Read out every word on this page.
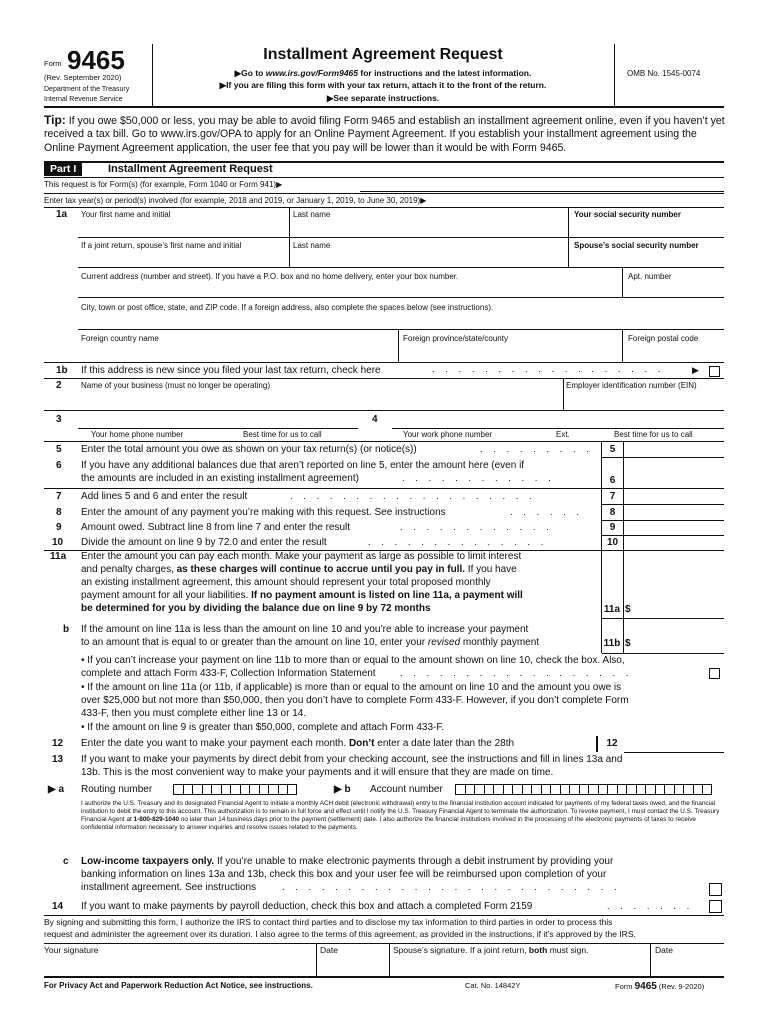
Form 9465
(Rev. September 2020)
Department of the Treasury
Internal Revenue Service
Installment Agreement Request
▶Go to www.irs.gov/Form9465 for instructions and the latest information.
▶If you are filing this form with your tax return, attach it to the front of the return.
▶See separate instructions.
OMB No. 1545-0074
Tip: If you owe $50,000 or less, you may be able to avoid filing Form 9465 and establish an installment agreement online, even if you haven’t yet received a tax bill. Go to www.irs.gov/OPA to apply for an Online Payment Agreement. If you establish your installment agreement using the Online Payment Agreement application, the user fee that you pay will be lower than it would be with Form 9465.
Part I	Installment Agreement Request
This request is for Form(s) (for example, Form 1040 or Form 941)▶
Enter tax year(s) or period(s) involved (for example, 2018 and 2019, or January 1, 2019, to June 30, 2019)▶
1a Your first name and initial	Last name	Your social security number
If a joint return, spouse’s first name and initial	Last name	Spouse’s social security number
Current address (number and street). If you have a P.O. box and no home delivery, enter your box number.	Apt. number
City, town or post office, state, and ZIP code. If a foreign address, also complete the spaces below (see instructions).
Foreign country name	Foreign province/state/county	Foreign postal code
1b If this address is new since you filed your last tax return, check here	. . . . . . . . . . . . . . . . . .	▶
2 Name of your business (must no longer be operating)	Employer identification number (EIN)
3	4
Your home phone number	Best time for us to call	Your work phone number	Ext.	Best time for us to call
5 Enter the total amount you owe as shown on your tax return(s) (or notice(s))	. . . . . . . . .	5
6 If you have any additional balances due that aren’t reported on line 5, enter the amount here (even if
the amounts are included in an existing installment agreement)	. . . . . . . . . . . .	6
7 Add lines 5 and 6 and enter the result	. . . . . . . . . . . . . . . . . . .	7
8 Enter the amount of any payment you’re making with this request. See instructions	. . . . . .	8
9 Amount owed. Subtract line 8 from line 7 and enter the result	. . . . . . . . . . . .	9
10 Divide the amount on line 9 by 72.0 and enter the result	. . . . . . . . . . . . . .	10
11a Enter the amount you can pay each month. Make your payment as large as possible to limit interest
and penalty charges, as these charges will continue to accrue until you pay in full. If you have
an existing installment agreement, this amount should represent your total proposed monthly
payment amount for all your liabilities. If no payment amount is listed on line 11a, a payment will
be determined for you by dividing the balance due on line 9 by 72 months	11a $
b If the amount on line 11a is less than the amount on line 10 and you’re able to increase your payment
to an amount that is equal to or greater than the amount on line 10, enter your revised monthly payment	11b $
• If you can’t increase your payment on line 11b to more than or equal to the amount shown on line 10, check the box. Also,
complete and attach Form 433-F, Collection Information Statement	. . . . . . . . . . . . . . . . . .
• If the amount on line 11a (or 11b, if applicable) is more than or equal to the amount on line 10 and the amount you owe is
over $25,000 but not more than $50,000, then you don’t have to complete Form 433-F. However, if you don’t complete Form
433-F, then you must complete either line 13 or 14.
• If the amount on line 9 is greater than $50,000, complete and attach Form 433-F.
12 Enter the date you want to make your payment each month. Don’t enter a date later than the 28th	12
13 If you want to make your payments by direct debit from your checking account, see the instructions and fill in lines 13a and
13b. This is the most convenient way to make your payments and it will ensure that they are made on time.
▶ a Routing number	▶ b Account number
I authorize the U.S. Treasury and its designated Financial Agent to initiate a monthly ACH debit (electronic withdrawal) entry to the financial institution account indicated for payments of my federal taxes owed, and the financial institution to debit the entry to this account. This authorization is to remain in full force and effect until I notify the U.S. Treasury Financial Agent to terminate the authorization. To revoke payment, I must contact the U.S. Treasury Financial Agent at 1-800-829-1040 no later than 14 business days prior to the payment (settlement) date. I also authorize the financial institutions involved in the processing of the electronic payments of taxes to receive confidential information necessary to answer inquiries and resolve issues related to the payments.
c Low-income taxpayers only. If you’re unable to make electronic payments through a debit instrument by providing your
banking information on lines 13a and 13b, check this box and your user fee will be reimbursed upon completion of your
installment agreement. See instructions	. . . . . . . . . . . . . . . . . . . . . . . . . .
14 If you want to make payments by payroll deduction, check this box and attach a completed Form 2159	. . . . . . .
By signing and submitting this form, I authorize the IRS to contact third parties and to disclose my tax information to third parties in order to process this
request and administer the agreement over its duration. I also agree to the terms of this agreement, as provided in the instructions, if it’s approved by the IRS.
Your signature	Date	Spouse’s signature. If a joint return, both must sign.	Date
For Privacy Act and Paperwork Reduction Act Notice, see instructions.	Cat. No. 14842Y	Form 9465 (Rev. 9-2020)
